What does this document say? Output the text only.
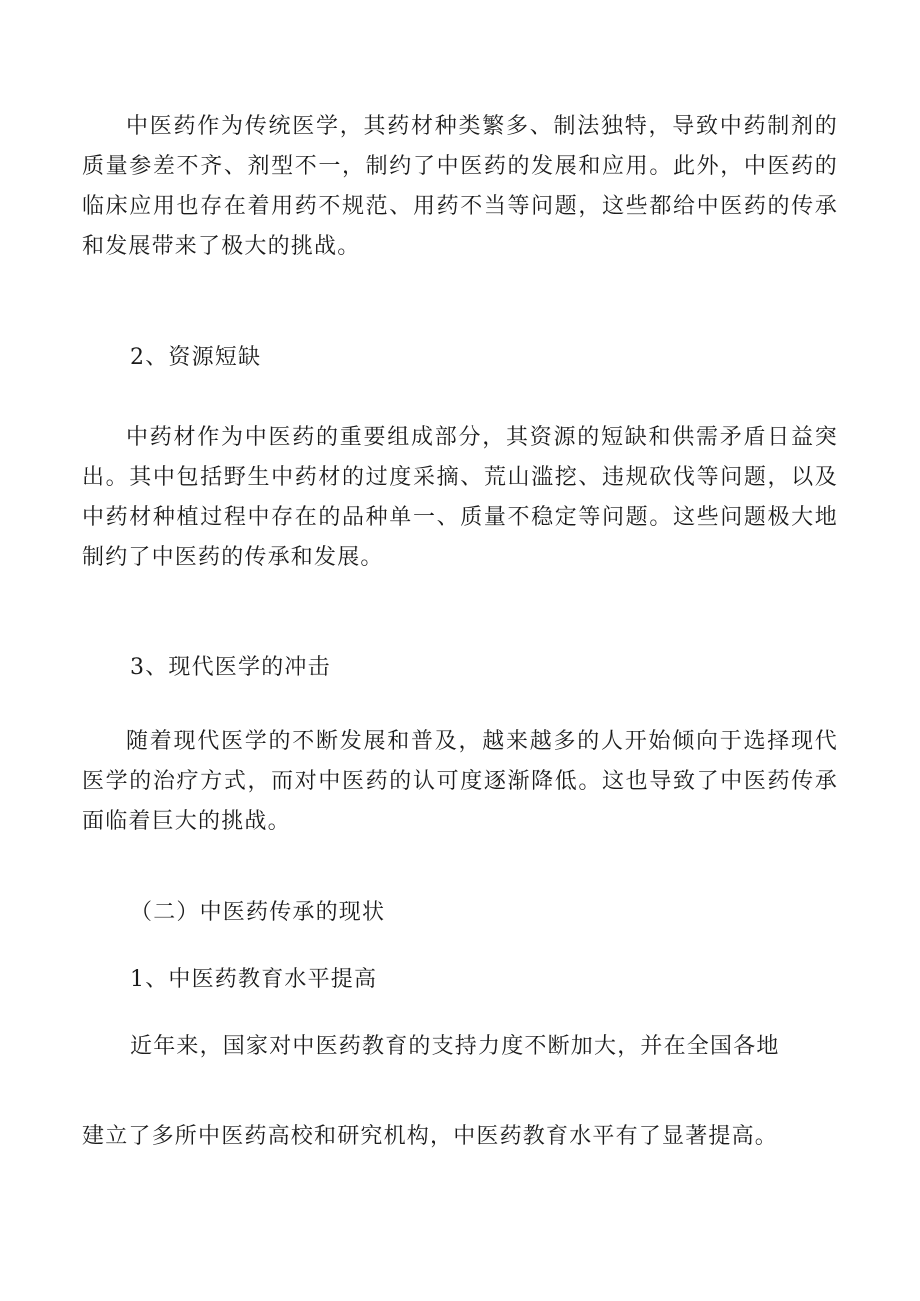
中医药作为传统医学，其药材种类繁多、制法独特，导致中药制剂的质量参差不齐、剂型不一，制约了中医药的发展和应用。此外，中医药的临床应用也存在着用药不规范、用药不当等问题，这些都给中医药的传承和发展带来了极大的挑战。

2、资源短缺

中药材作为中医药的重要组成部分，其资源的短缺和供需矛盾日益突出。其中包括野生中药材的过度采摘、荒山滥挖、违规砍伐等问题，以及中药材种植过程中存在的品种单一、质量不稳定等问题。这些问题极大地制约了中医药的传承和发展。

3、现代医学的冲击

随着现代医学的不断发展和普及，越来越多的人开始倾向于选择现代医学的治疗方式，而对中医药的认可度逐渐降低。这也导致了中医药传承面临着巨大的挑战。

（二）中医药传承的现状

1、中医药教育水平提高

近年来，国家对中医药教育的支持力度不断加大，并在全国各地

建立了多所中医药高校和研究机构，中医药教育水平有了显著提高。
